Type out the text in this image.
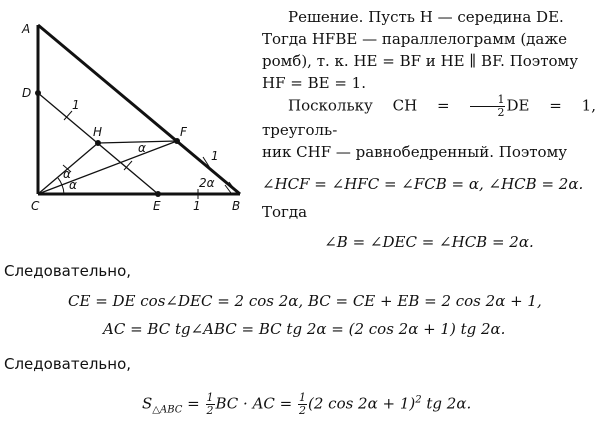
A
D
C	E	B
H	F
1
1
1
α
α
α	2α

Решение. Пусть H — середина DE.

Тогда HFBE — параллелограмм (даже

ромб), т. к. HE = BF и HE ∥ BF. Поэтому

HF = BE = 1.

Поскольку CH = $\frac{1}{2}$ DE = 1, треуголь-

ник CHF — равнобедренный. Поэтому

∠HCF = ∠HFC = ∠FCB = α, ∠HCB = 2α.

Тогда

∠B = ∠DEC = ∠HCB = 2α.

Следовательно,
CE = DE cos∠DEC = 2 cos 2α, BC = CE + EB = 2 cos 2α + 1,
AC = BC tg∠ABC = BC tg 2α = (2 cos 2α + 1) tg 2α.
Следовательно,
$S_{\triangle ABC} = \frac{1}{2}$ BC · AC = $\frac{1}{2} (2$ cos 2α + 1)$^2$ tg 2α.
